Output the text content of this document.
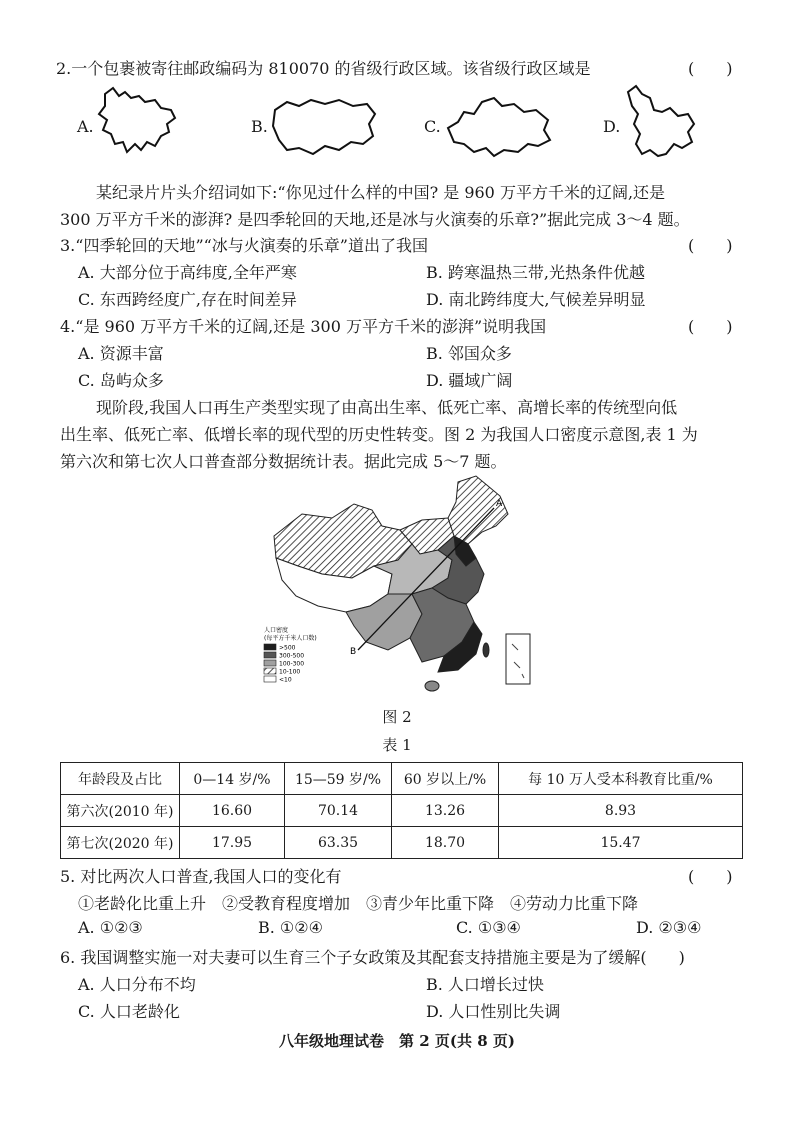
2.一个包裹被寄往邮政编码为 810070 的省级行政区域。该省级行政区域是	(　　)
A.	B.	C.	D.
某纪录片片头介绍词如下:“你见过什么样的中国? 是 960 万平方千米的辽阔,还是
300 万平方千米的澎湃? 是四季轮回的天地,还是冰与火演奏的乐章?”据此完成 3～4 题。
3.“四季轮回的天地”“冰与火演奏的乐章”道出了我国	(　　)
A. 大部分位于高纬度,全年严寒	B. 跨寒温热三带,光热条件优越
C. 东西跨经度广,存在时间差异	D. 南北跨纬度大,气候差异明显
4.“是 960 万平方千米的辽阔,还是 300 万平方千米的澎湃”说明我国	(　　)
A. 资源丰富	B. 邻国众多
C. 岛屿众多	D. 疆域广阔
现阶段,我国人口再生产类型实现了由高出生率、低死亡率、高增长率的传统型向低
出生率、低死亡率、低增长率的现代型的历史性转变。图 2 为我国人口密度示意图,表 1 为
第六次和第七次人口普查部分数据统计表。据此完成 5～7 题。
A
B
人口密度
(每平方千米人口数)
>500
300-500
100-300
10-100
<10
图 2
表 1
年龄段及占比	0—14 岁/%	15—59 岁/%	60 岁以上/%	每 10 万人受本科教育比重/%
第六次(2010 年)	16.60	70.14	13.26	8.93
第七次(2020 年)	17.95	63.35	18.70	15.47
5. 对比两次人口普查,我国人口的变化有	(　　)
①老龄化比重上升　②受教育程度增加　③青少年比重下降　④劳动力比重下降
A. ①②③	B. ①②④	C. ①③④	D. ②③④
6. 我国调整实施一对夫妻可以生育三个子女政策及其配套支持措施主要是为了缓解(　　)
A. 人口分布不均	B. 人口增长过快
C. 人口老龄化	D. 人口性别比失调
八年级地理试卷　第 2 页(共 8 页)
